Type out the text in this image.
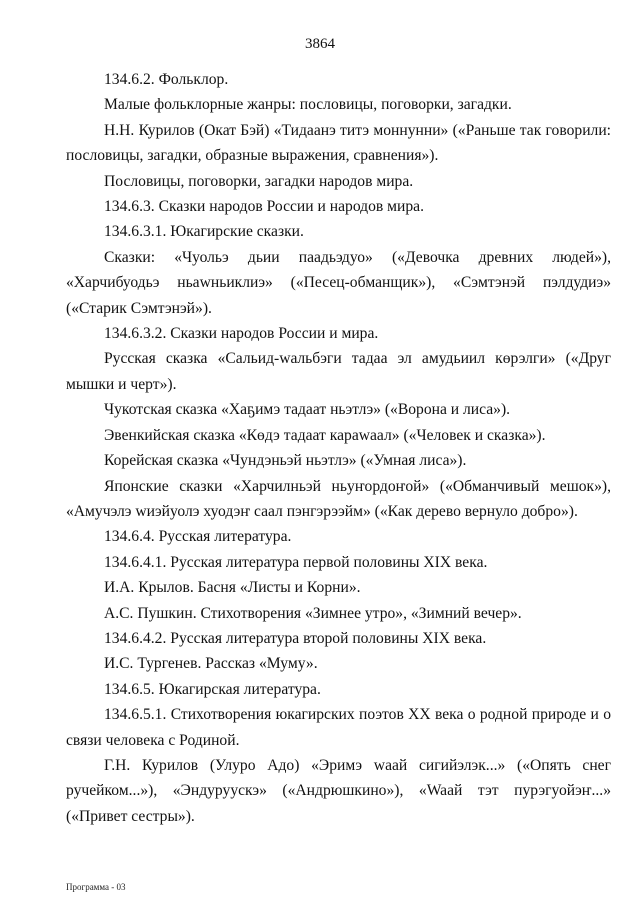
3864

134.6.2. Фольклор.

Малые фольклорные жанры: пословицы, поговорки, загадки.

Н.Н. Курилов (Окат Бэй) «Тидаанэ титэ моннунни» («Раньше так говорили: пословицы, загадки, образные выражения, сравнения»).

Пословицы, поговорки, загадки народов мира.

134.6.3. Сказки народов России и народов мира.

134.6.3.1. Юкагирские сказки.

Сказки: «Чуольэ дьии паадьэдуо» («Девочка древних людей»), «Харчибуодьэ ньаwньиклиэ» («Песец-обманщик»), «Сэмтэнэй пэлдудиэ» («Старик Сэмтэнэй»).

134.6.3.2. Сказки народов России и мира.

Русская сказка «Сальид-waльбэги тадаа эл амудьиил көрэлги» («Друг мышки и черт»).

Чукотская сказка «Хаҕимэ тадаат ньэтлэ» («Ворона и лиса»).

Эвенкийская сказка «Көдэ тадаат караwаал» («Человек и сказка»).

Корейская сказка «Чундэньэй ньэтлэ» («Умная лиса»).

Японские сказки «Харчилньэй ньуҥордоҥой» («Обманчивый мешок»), «Амучэлэ wиэйуолэ хуодэҥ саал пэнгэрээйм» («Как дерево вернуло добро»).

134.6.4. Русская литература.

134.6.4.1. Русская литература первой половины XIX века.

И.А. Крылов. Басня «Листы и Корни».

А.С. Пушкин. Стихотворения «Зимнее утро», «Зимний вечер».

134.6.4.2. Русская литература второй половины XIX века.

И.С. Тургенев. Рассказ «Муму».

134.6.5. Юкагирская литература.

134.6.5.1. Стихотворения юкагирских поэтов XX века о родной природе и о связи человека с Родиной.

Г.Н. Курилов (Улуро Адо) «Эримэ waай сигийэлэк...» («Опять снег ручейком...»), «Эндуруускэ» («Андрюшкино»), «Waай тэт пурэгуойэҥ...» («Привет сестры»).

Программа - 03
